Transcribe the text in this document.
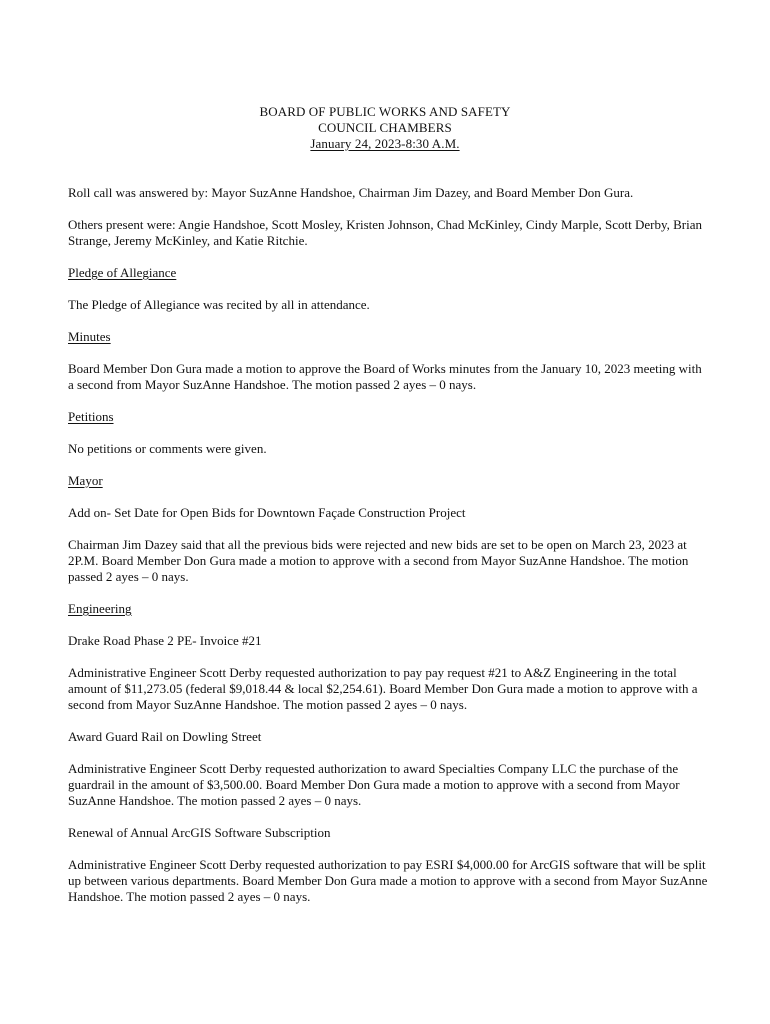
BOARD OF PUBLIC WORKS AND SAFETY
COUNCIL CHAMBERS
January 24, 2023-8:30 A.M.

Roll call was answered by: Mayor SuzAnne Handshoe, Chairman Jim Dazey, and Board Member Don Gura.

Others present were: Angie Handshoe, Scott Mosley, Kristen Johnson, Chad McKinley, Cindy Marple, Scott Derby, Brian Strange, Jeremy McKinley, and Katie Ritchie.

Pledge of Allegiance

The Pledge of Allegiance was recited by all in attendance.

Minutes

Board Member Don Gura made a motion to approve the Board of Works minutes from the January 10, 2023 meeting with a second from Mayor SuzAnne Handshoe. The motion passed 2 ayes – 0 nays.

Petitions

No petitions or comments were given.

Mayor

Add on- Set Date for Open Bids for Downtown Façade Construction Project

Chairman Jim Dazey said that all the previous bids were rejected and new bids are set to be open on March 23, 2023 at 2P.M. Board Member Don Gura made a motion to approve with a second from Mayor SuzAnne Handshoe. The motion passed 2 ayes – 0 nays.

Engineering

Drake Road Phase 2 PE- Invoice #21

Administrative Engineer Scott Derby requested authorization to pay pay request #21 to A&Z Engineering in the total amount of $11,273.05 (federal $9,018.44 & local $2,254.61). Board Member Don Gura made a motion to approve with a second from Mayor SuzAnne Handshoe. The motion passed 2 ayes – 0 nays.

Award Guard Rail on Dowling Street

Administrative Engineer Scott Derby requested authorization to award Specialties Company LLC the purchase of the guardrail in the amount of $3,500.00. Board Member Don Gura made a motion to approve with a second from Mayor SuzAnne Handshoe. The motion passed 2 ayes – 0 nays.

Renewal of Annual ArcGIS Software Subscription

Administrative Engineer Scott Derby requested authorization to pay ESRI $4,000.00 for ArcGIS software that will be split up between various departments. Board Member Don Gura made a motion to approve with a second from Mayor SuzAnne Handshoe. The motion passed 2 ayes – 0 nays.
